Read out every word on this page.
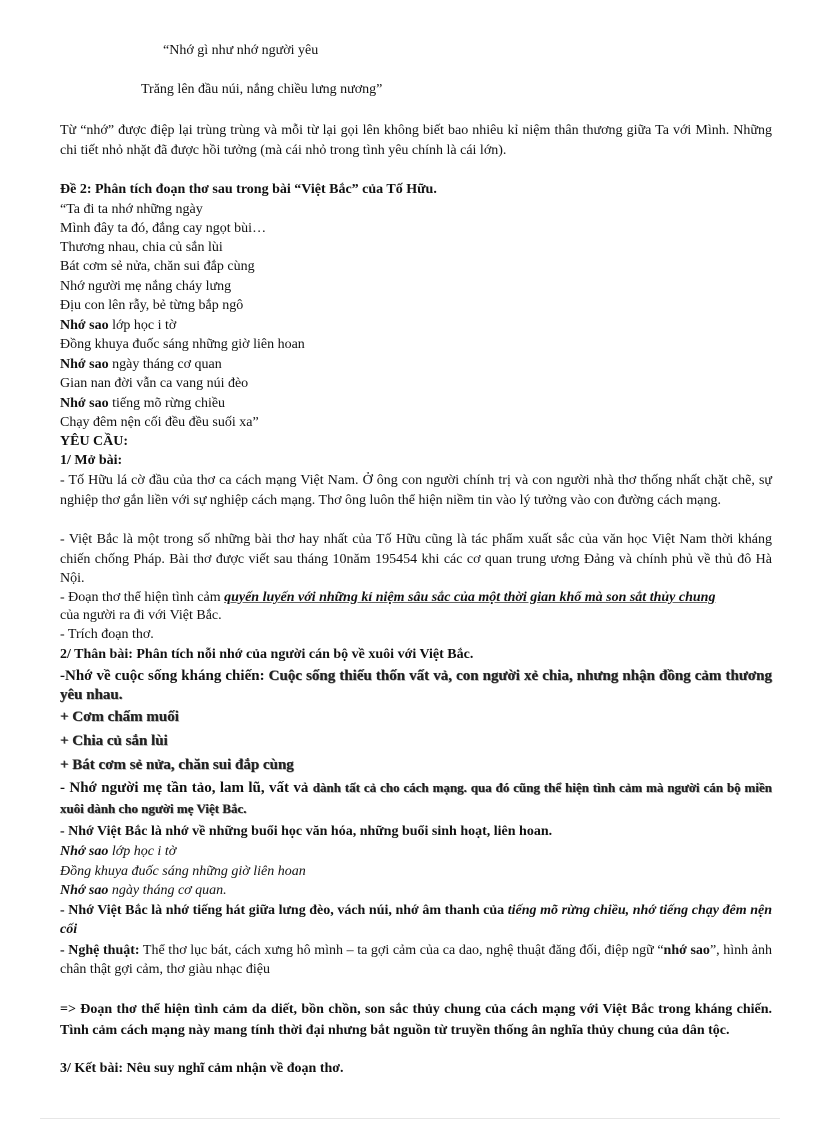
“Nhớ gì như nhớ người yêu
Trăng lên đầu núi, nắng chiều lưng nương”
Từ “nhớ” được điệp lại trùng trùng và mỗi từ lại gọi lên không biết bao nhiêu kỉ niệm thân thương giữa Ta với Mình. Những chi tiết nhỏ nhặt đã được hồi tưởng (mà cái nhỏ trong tình yêu chính là cái lớn).
Đề 2: Phân tích đoạn thơ sau trong bài “Việt Bắc” của Tố Hữu.
“Ta đi ta nhớ những ngày
Mình đây ta đó, đắng cay ngọt bùi…
Thương nhau, chia củ sắn lùi
Bát cơm sẻ nửa, chăn sui đắp cùng
Nhớ người mẹ nắng cháy lưng
Địu con lên rẫy, bẻ từng bắp ngô
Nhớ sao lớp học i tờ
Đồng khuya đuốc sáng những giờ liên hoan
Nhớ sao ngày tháng cơ quan
Gian nan đời vẫn ca vang núi đèo
Nhớ sao tiếng mõ rừng chiều
Chạy đêm nện cối đều đều suối xa”
YÊU CẦU:
1/ Mở bài:
- Tố Hữu lá cờ đầu của thơ ca cách mạng Việt Nam. Ở ông con người chính trị và con người nhà thơ thống nhất chặt chẽ, sự nghiệp thơ gắn liền với sự nghiệp cách mạng. Thơ ông luôn thể hiện niềm tin vào lý tưởng vào con đường cách mạng.
- Việt Bắc là một trong số những bài thơ hay nhất của Tố Hữu cũng là tác phẩm xuất sắc của văn học Việt Nam thời kháng chiến chống Pháp. Bài thơ được viết sau tháng 10năm 195454 khi các cơ quan trung ương Đảng và chính phủ về thủ đô Hà Nội.
- Đoạn thơ thể hiện tình cảm quyến luyến với những kỉ niệm sâu sắc của một thời gian khổ mà son sắt thủy chung
của người ra đi với Việt Bắc.
- Trích đoạn thơ.
2/ Thân bài: Phân tích nỗi nhớ của người cán bộ về xuôi với Việt Bắc.
-Nhớ về cuộc sống kháng chiến: Cuộc sống thiếu thốn vất vả, con người xẻ chia, nhưng nhận đồng cảm thương yêu nhau.
+ Cơm chấm muối
+ Chia củ sắn lùi
+ Bát cơm sẻ nửa, chăn sui đắp cùng
- Nhớ người mẹ tần tảo, lam lũ, vất vả dành tất cả cho cách mạng. qua đó cũng thể hiện tình cảm mà người cán bộ miền xuôi dành cho người mẹ Việt Bắc.
- Nhớ Việt Bắc là nhớ về những buổi học văn hóa, những buổi sinh hoạt, liên hoan.
Nhớ sao lớp học i tờ
Đồng khuya đuốc sáng những giờ liên hoan
Nhớ sao ngày tháng cơ quan.
- Nhớ Việt Bắc là nhớ tiếng hát giữa lưng đèo, vách núi, nhớ âm thanh của tiếng mõ rừng chiều, nhớ tiếng chạy đêm nện cối
- Nghệ thuật: Thể thơ lục bát, cách xưng hô mình – ta gợi cảm của ca dao, nghệ thuật đăng đối, điệp ngữ “nhớ sao”, hình ảnh chân thật gợi cảm, thơ giàu nhạc điệu
=> Đoạn thơ thể hiện tình cảm da diết, bồn chồn, son sắc thủy chung của cách mạng với Việt Bắc trong kháng chiến. Tình cảm cách mạng này mang tính thời đại nhưng bắt nguồn từ truyền thống ân nghĩa thủy chung của dân tộc.
3/ Kết bài: Nêu suy nghĩ cảm nhận về đoạn thơ.
